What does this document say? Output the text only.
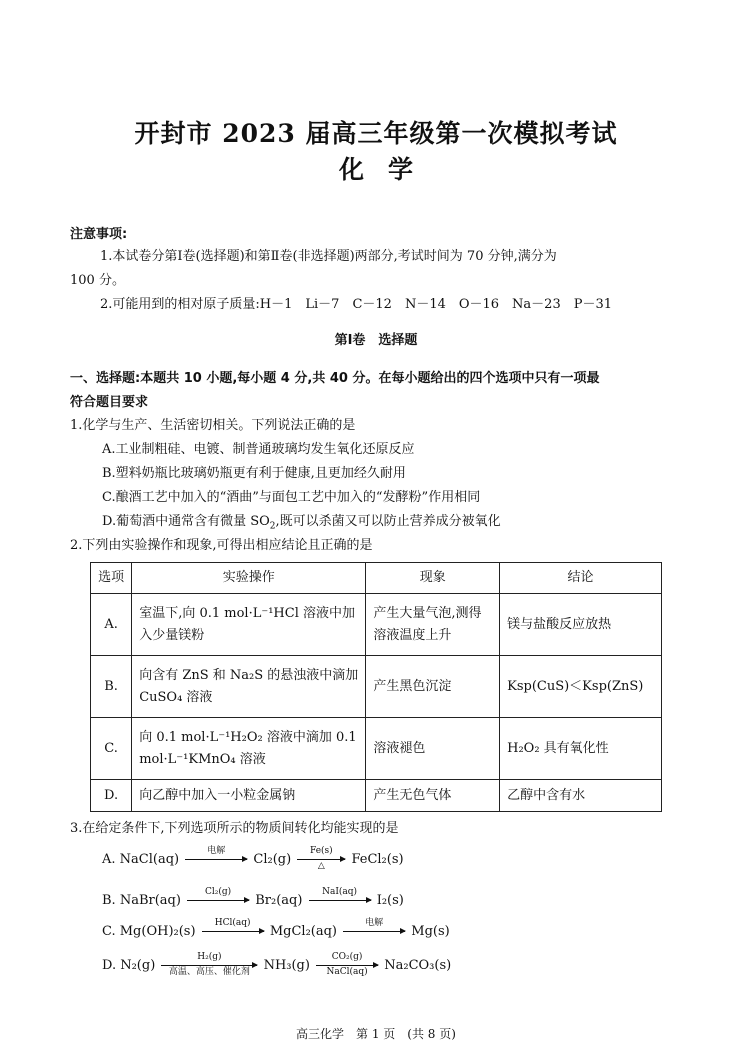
开封市 2023 届高三年级第一次模拟考试
化 学
注意事项:
1.本试卷分第Ⅰ卷(选择题)和第Ⅱ卷(非选择题)两部分,考试时间为 70 分钟,满分为
100 分。
2.可能用到的相对原子质量:H－1　Li－7　C－12　N－14　O－16　Na－23　P－31
第Ⅰ卷　选择题
一、选择题:本题共 10 小题,每小题 4 分,共 40 分。在每小题给出的四个选项中只有一项最
符合题目要求
1.化学与生产、生活密切相关。下列说法正确的是
A.工业制粗硅、电镀、制普通玻璃均发生氧化还原反应
B.塑料奶瓶比玻璃奶瓶更有利于健康,且更加经久耐用
C.酿酒工艺中加入的“酒曲”与面包工艺中加入的“发酵粉”作用相同
D.葡萄酒中通常含有微量 $SO_2$,既可以杀菌又可以防止营养成分被氧化
2.下列由实验操作和现象,可得出相应结论且正确的是
选项	实验操作	现象	结论
A.	室温下,向 0.1 mol·L⁻¹HCl 溶液中加入少量镁粉	产生大量气泡,测得溶液温度上升	镁与盐酸反应放热
B.	向含有 ZnS 和 Na₂S 的悬浊液中滴加 CuSO₄ 溶液	产生黑色沉淀	Ksp(CuS)＜Ksp(ZnS)
C.	向 0.1 mol·L⁻¹H₂O₂ 溶液中滴加 0.1 mol·L⁻¹KMnO₄ 溶液	溶液褪色	H₂O₂ 具有氧化性
D.	向乙醇中加入一小粒金属钠	产生无色气体	乙醇中含有水
3.在给定条件下,下列选项所示的物质间转化均能实现的是
A. NaCl(aq)
电解
Cl₂(g)
Fe(s)
△	FeCl₂(s)
B. NaBr(aq)
Cl₂(g)
Br₂(aq)
NaI(aq)
I₂(s)
C. Mg(OH)₂(s)
HCl(aq)
MgCl₂(aq)
电解
Mg(s)
D. N₂(g)
H₂(g)
高温、高压、催化剂	NH₃(g)
CO₂(g)
NaCl(aq)	Na₂CO₃(s)
高三化学　第 1 页　(共 8 页)
